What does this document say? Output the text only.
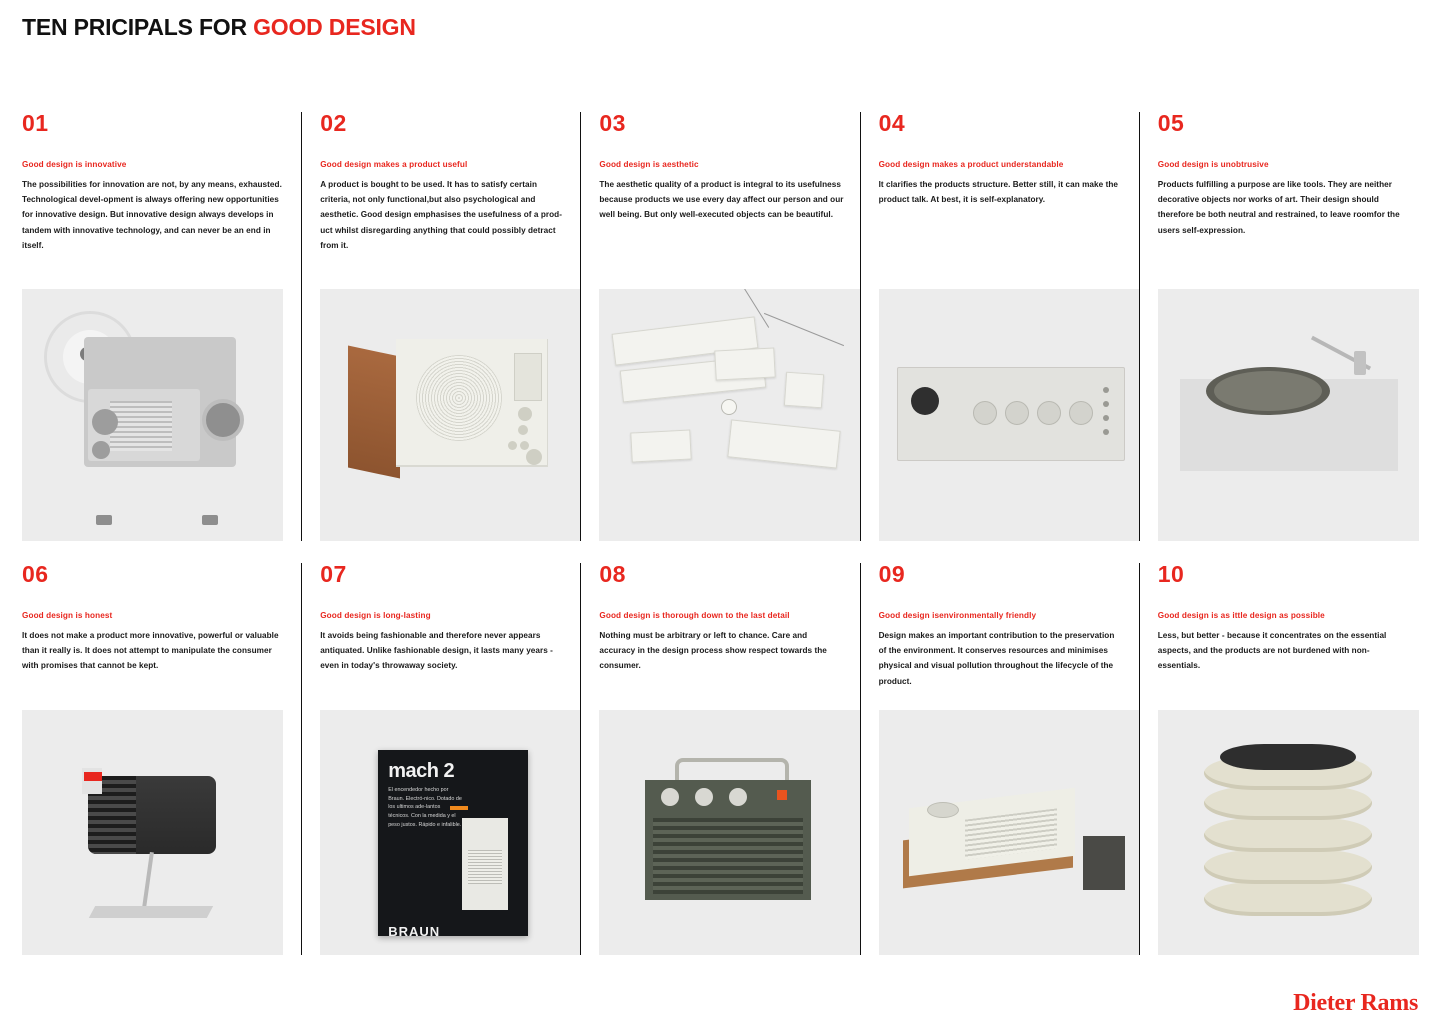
TEN PRICIPALS FOR GOOD DESIGN
01
Good design is innovative
The possibilities for innovation are not, by any means, exhausted. Technological devel-opment is always offering new opportunities for innovative design. But innovative design always develops in tandem with innovative technology, and can never be an end in itself.
02
Good design makes a product useful
A product is bought to be used. It has to satisfy certain criteria, not only functional,but also psychological and aesthetic. Good design emphasises the usefulness of a prod-uct whilst disregarding anything that could possibly detract from it.
03
Good design is aesthetic
The aesthetic quality of a product is integral to its usefulness because products we use every day affect our person and our well being. But only well-executed objects can be beautiful.
04
Good design makes a product understandable
It clarifies the products structure. Better still, it can make the product talk. At best, it is self-explanatory.
05
Good design is unobtrusive
Products fulfilling a purpose are like tools. They are neither decorative objects nor works of art. Their design should therefore be both neutral and restrained, to leave roomfor the users self-expression.
06
Good design is honest
It does not make a product more innovative, powerful or valuable than it really is. It does not attempt to manipulate the consumer with promises that cannot be kept.
07
Good design is long-lasting
It avoids being fashionable and therefore never appears antiquated. Unlike fashionable design, it lasts many years - even in today's throwaway society.
mach 2
El encendedor hecho por Braun. Electró-nico. Dotado de los ultimos ade-lantos técnicos. Con la medida y el peso justos. Rápido e infalible.
BRAUN
08
Good design is thorough down to the last detail
Nothing must be arbitrary or left to chance. Care and accuracy in the design process show respect towards the consumer.
09
Good design isenvironmentally friendly
Design makes an important contribution to the preservation of the environment. It conserves resources and minimises physical and visual pollution throughout the lifecycle of the product.
10
Good design is as ittle design as possible
Less, but better - because it concentrates on the essential aspects, and the products are not burdened with non-essentials.
Dieter Rams
